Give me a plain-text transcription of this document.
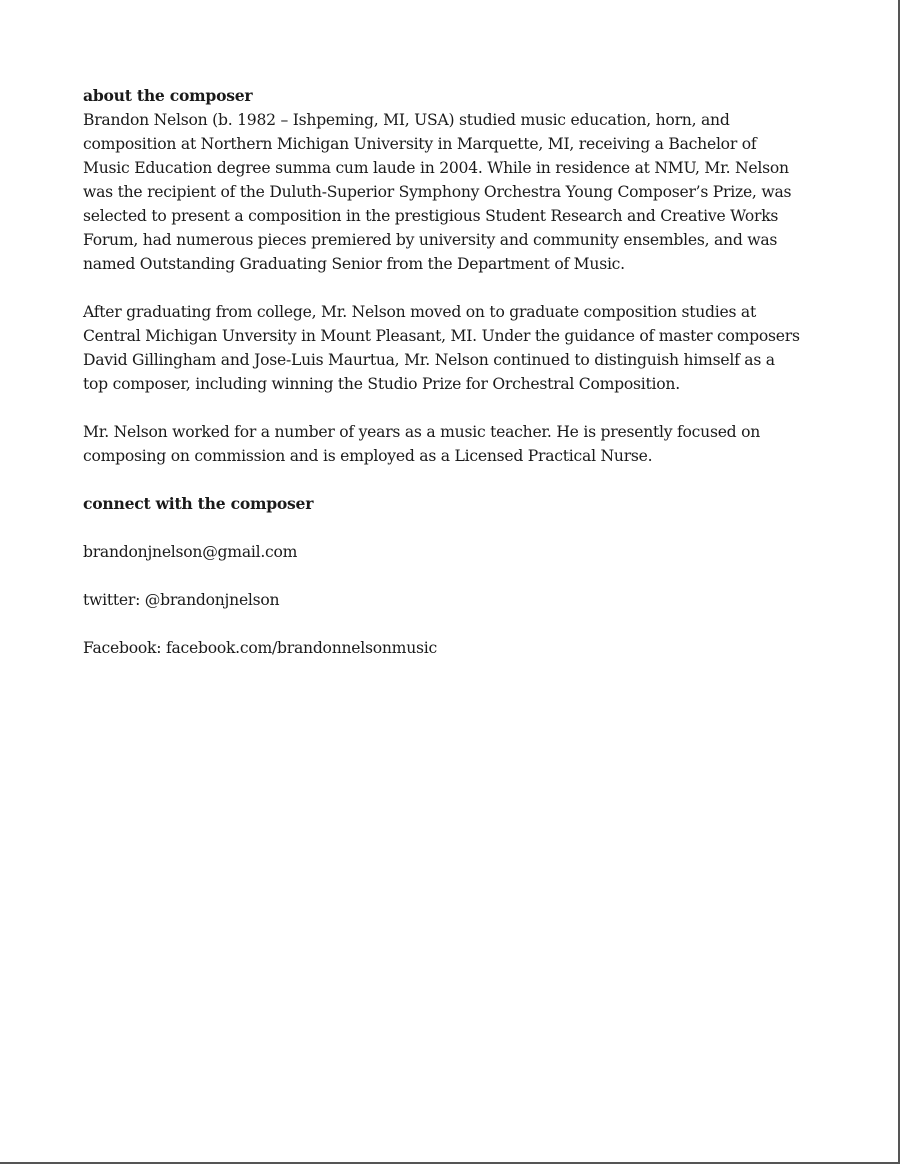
about the composer

Brandon Nelson (b. 1982 – Ishpeming, MI, USA) studied music education, horn, and
composition at Northern Michigan University in Marquette, MI, receiving a Bachelor of
Music Education degree summa cum laude in 2004. While in residence at NMU, Mr. Nelson
was the recipient of the Duluth-Superior Symphony Orchestra Young Composer’s Prize, was
selected to present a composition in the prestigious Student Research and Creative Works
Forum, had numerous pieces premiered by university and community ensembles, and was
named Outstanding Graduating Senior from the Department of Music.

After graduating from college, Mr. Nelson moved on to graduate composition studies at
Central Michigan Unversity in Mount Pleasant, MI. Under the guidance of master composers
David Gillingham and Jose-Luis Maurtua, Mr. Nelson continued to distinguish himself as a
top composer, including winning the Studio Prize for Orchestral Composition.

Mr. Nelson worked for a number of years as a music teacher. He is presently focused on
composing on commission and is employed as a Licensed Practical Nurse.

connect with the composer

brandonjnelson@gmail.com

twitter: @brandonjnelson

Facebook: facebook.com/brandonnelsonmusic
